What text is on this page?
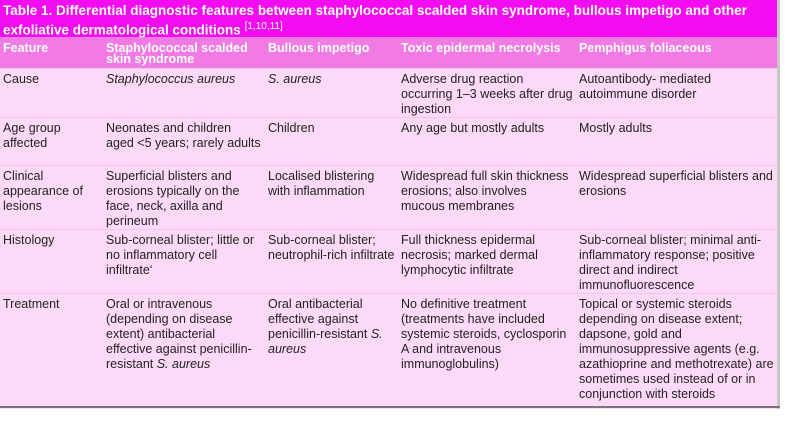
Table 1. Differential diagnostic features between staphylococcal scalded skin syndrome, bullous impetigo and other exfoliative dermatological conditions [1,10,11]
Feature	Staphylococcal scalded skin syndrome	Bullous impetigo	Toxic epidermal necrolysis	Pemphigus foliaceous
Cause	Staphylococcus aureus	S. aureus	Adverse drug reaction occurring 1–3 weeks after drug ingestion	Autoantibody- mediated autoimmune disorder
Age group affected	Neonates and children aged <5 years; rarely adults	Children	Any age but mostly adults	Mostly adults
Clinical appearance of lesions	Superficial blisters and erosions typically on the face, neck, axilla and perineum	Localised blistering with inflammation	Widespread full skin thickness erosions; also involves mucous membranes	Widespread superficial blisters and erosions
Histology	Sub-corneal blister; little or no inflammatory cell infiltrate‘	Sub-corneal blister; neutrophil-rich infiltrate	Full thickness epidermal necrosis; marked dermal lymphocytic infiltrate	Sub-corneal blister; minimal anti-inflammatory response; positive direct and indirect immunofluorescence
Treatment	Oral or intravenous (depending on disease extent) antibacterial effective against penicillin-resistant S. aureus	Oral antibacterial effective against penicillin-resistant S. aureus	No definitive treatment (treatments have included systemic steroids, cyclosporin A and intravenous immunoglobulins)	Topical or systemic steroids depending on disease extent; dapsone, gold and immunosuppressive agents (e.g. azathioprine and methotrexate) are sometimes used instead of or in conjunction with steroids
